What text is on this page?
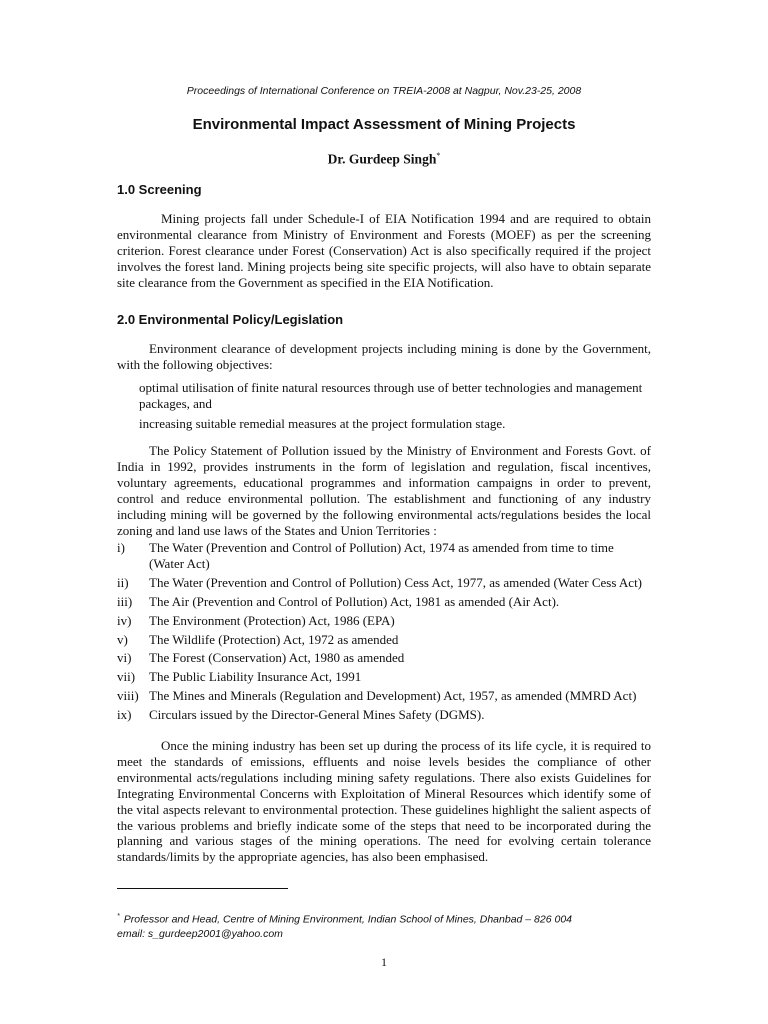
Proceedings of International Conference on TREIA-2008 at Nagpur, Nov.23-25, 2008
Environmental Impact Assessment of Mining Projects
Dr. Gurdeep Singh*
1.0 Screening

Mining projects fall under Schedule-I of EIA Notification 1994 and are required to obtain environmental clearance from Ministry of Environment and Forests (MOEF) as per the screening criterion. Forest clearance under Forest (Conservation) Act is also specifically required if the project involves the forest land. Mining projects being site specific projects, will also have to obtain separate site clearance from the Government as specified in the EIA Notification.

2.0 Environmental Policy/Legislation

Environment clearance of development projects including mining is done by the Government, with the following objectives:

optimal utilisation of finite natural resources through use of better technologies and management packages, and

increasing suitable remedial measures at the project formulation stage.

The Policy Statement of Pollution issued by the Ministry of Environment and Forests Govt. of India in 1992, provides instruments in the form of legislation and regulation, fiscal incentives, voluntary agreements, educational programmes and information campaigns in order to prevent, control and reduce environmental pollution. The establishment and functioning of any industry including mining will be governed by the following environmental acts/regulations besides the local zoning and land use laws of the States and Union Territories :

i)	The Water (Prevention and Control of Pollution) Act, 1974 as amended from time to time (Water Act)
ii)	The Water (Prevention and Control of Pollution) Cess Act, 1977, as amended (Water Cess Act)
iii)	The Air (Prevention and Control of Pollution) Act, 1981 as amended (Air Act).
iv)	The Environment (Protection) Act, 1986 (EPA)
v)	The Wildlife (Protection) Act, 1972 as amended
vi)	The Forest (Conservation) Act, 1980 as amended
vii)	The Public Liability Insurance Act, 1991
viii) The Mines and Minerals (Regulation and Development) Act, 1957, as amended (MMRD Act)
ix)	Circulars issued by the Director-General Mines Safety (DGMS).

Once the mining industry has been set up during the process of its life cycle, it is required to meet the standards of emissions, effluents and noise levels besides the compliance of other environmental acts/regulations including mining safety regulations. There also exists Guidelines for Integrating Environmental Concerns with Exploitation of Mineral Resources which identify some of the vital aspects relevant to environmental protection. These guidelines highlight the salient aspects of the various problems and briefly indicate some of the steps that need to be incorporated during the planning and various stages of the mining operations. The need for evolving certain tolerance standards/limits by the appropriate agencies, has also been emphasised.

* Professor and Head, Centre of Mining Environment, Indian School of Mines, Dhanbad – 826 004
email: s_gurdeep2001@yahoo.com
1
